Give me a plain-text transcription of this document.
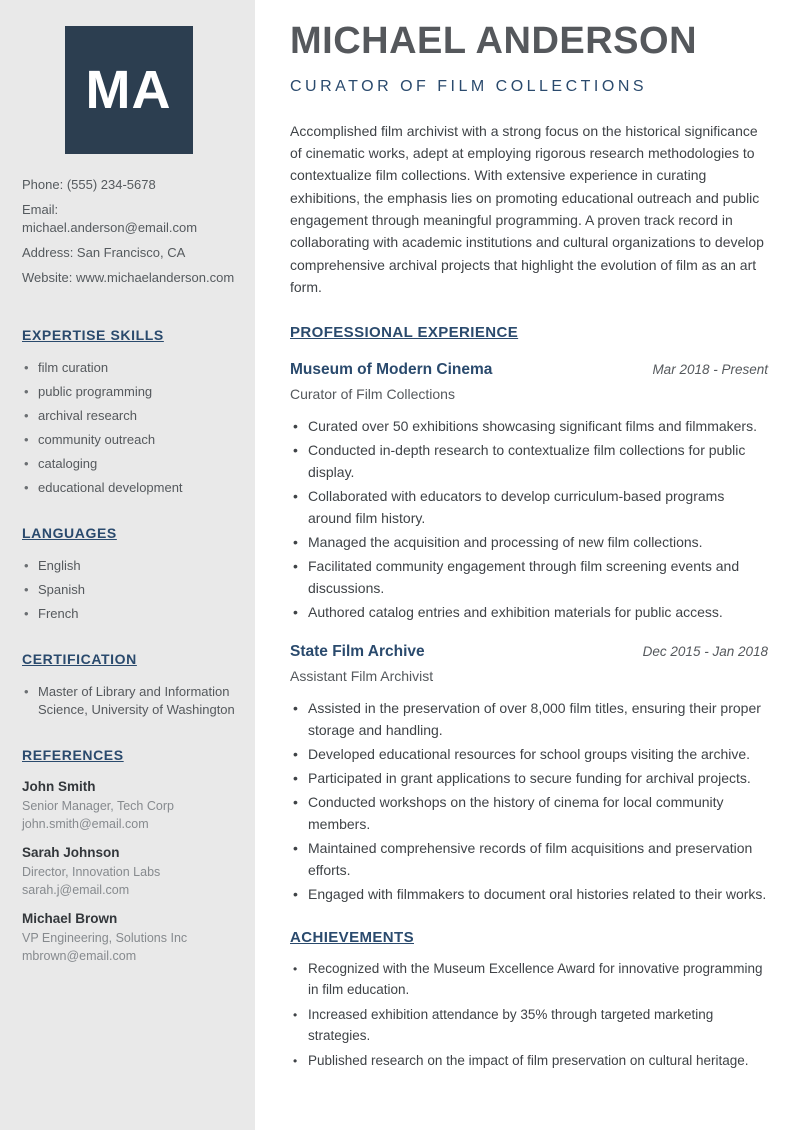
MA
Phone: (555) 234-5678
Email: michael.anderson@email.com
Address: San Francisco, CA
Website: www.michaelanderson.com
EXPERTISE SKILLS
• film curation
• public programming
• archival research
• community outreach
• cataloging
• educational development
LANGUAGES
• English
• Spanish
• French
CERTIFICATION
• Master of Library and Information Science, University of Washington
REFERENCES
John Smith
Senior Manager, Tech Corp
john.smith@email.com
Sarah Johnson
Director, Innovation Labs
sarah.j@email.com
Michael Brown
VP Engineering, Solutions Inc
mbrown@email.com
MICHAEL ANDERSON
CURATOR OF FILM COLLECTIONS

Accomplished film archivist with a strong focus on the historical significance of cinematic works, adept at employing rigorous research methodologies to contextualize film collections. With extensive experience in curating exhibitions, the emphasis lies on promoting educational outreach and public engagement through meaningful programming. A proven track record in collaborating with academic institutions and cultural organizations to develop comprehensive archival projects that highlight the evolution of film as an art form.

PROFESSIONAL EXPERIENCE
Museum of Modern Cinema	Mar 2018 - Present
Curator of Film Collections
• Curated over 50 exhibitions showcasing significant films and filmmakers.
• Conducted in-depth research to contextualize film collections for public display.
• Collaborated with educators to develop curriculum-based programs around film history.
• Managed the acquisition and processing of new film collections.
• Facilitated community engagement through film screening events and discussions.
• Authored catalog entries and exhibition materials for public access.
State Film Archive	Dec 2015 - Jan 2018
Assistant Film Archivist
• Assisted in the preservation of over 8,000 film titles, ensuring their proper storage and handling.
• Developed educational resources for school groups visiting the archive.
• Participated in grant applications to secure funding for archival projects.
• Conducted workshops on the history of cinema for local community members.
• Maintained comprehensive records of film acquisitions and preservation efforts.
• Engaged with filmmakers to document oral histories related to their works.
ACHIEVEMENTS
• Recognized with the Museum Excellence Award for innovative programming in film education.
• Increased exhibition attendance by 35% through targeted marketing strategies.
• Published research on the impact of film preservation on cultural heritage.
